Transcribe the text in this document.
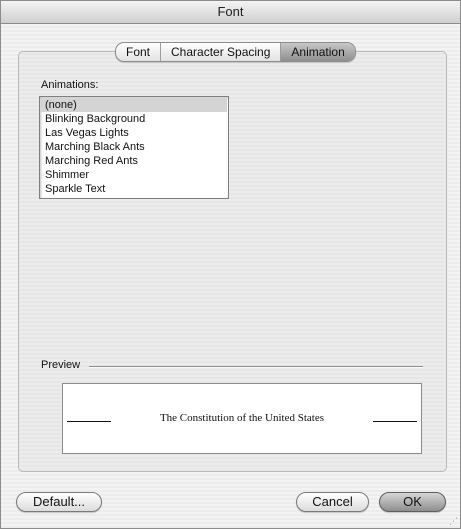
Font
Font	Character Spacing	Animation
Animations:
(none)
Blinking Background
Las Vegas Lights
Marching Black Ants
Marching Red Ants
Shimmer
Sparkle Text
Preview
The Constitution of the United States
Default...	Cancel	OK
⋰
